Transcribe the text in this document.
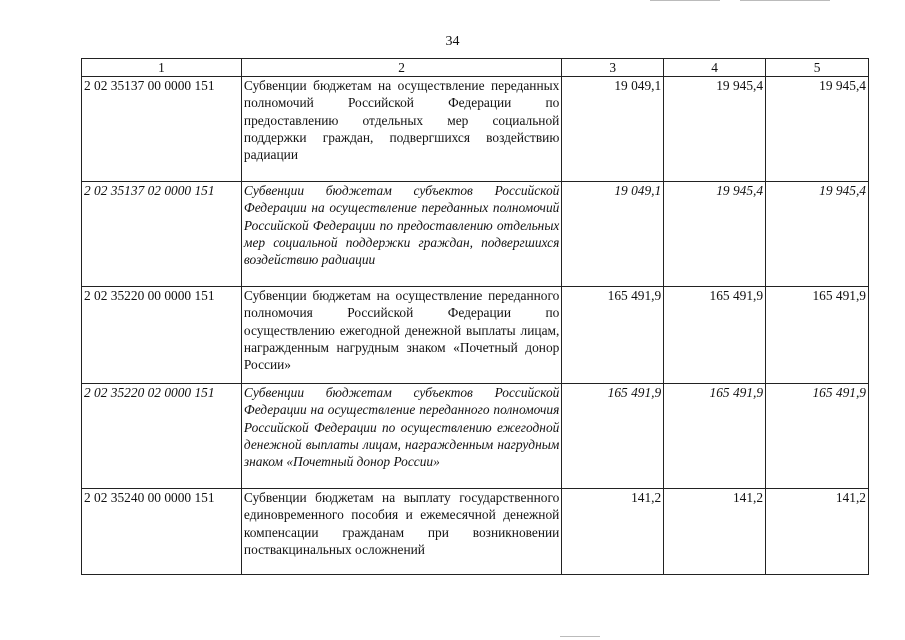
34
1	2	3	4	5
2 02 35137 00 0000 151	Субвенции бюджетам на осуществление переданных полномочий Российской Федерации по предоставлению отдельных мер социальной поддержки граждан, подвергшихся воздействию радиации	19 049,1	19 945,4	19 945,4
2 02 35137 02 0000 151	Субвенции бюджетам субъектов Российской Федерации на осуществление переданных полномочий Российской Федерации по предоставлению отдельных мер социальной поддержки граждан, подвергшихся воздействию радиации	19 049,1	19 945,4	19 945,4
2 02 35220 00 0000 151	Субвенции бюджетам на осуществление переданного полномочия Российской Федерации по осуществлению ежегодной денежной выплаты лицам, награжденным нагрудным знаком «Почетный донор России»	165 491,9	165 491,9	165 491,9
2 02 35220 02 0000 151	Субвенции бюджетам субъектов Российской Федерации на осуществление переданного полномочия Российской Федерации по осуществлению ежегодной денежной выплаты лицам, награжденным нагрудным знаком «Почетный донор России»	165 491,9	165 491,9	165 491,9
2 02 35240 00 0000 151	Субвенции бюджетам на выплату государственного единовременного пособия и ежемесячной денежной компенсации гражданам при возникновении поствакцинальных осложнений	141,2	141,2	141,2
